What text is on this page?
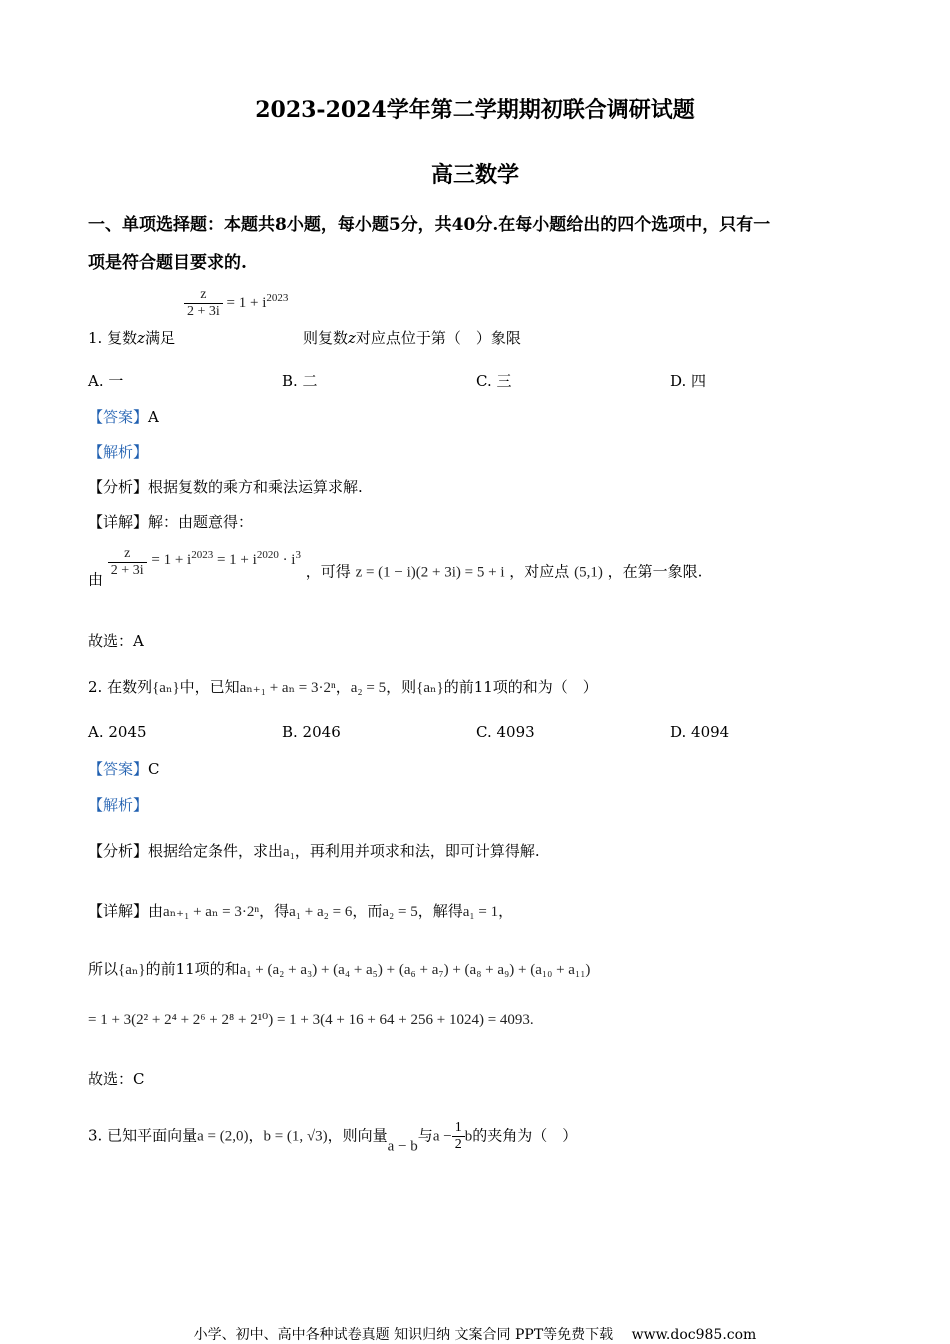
2023-2024学年第二学期期初联合调研试题
高三数学
一、单项选择题：本题共8小题，每小题5分，共40分.在每小题给出的四个选项中，只有一
项是符合题目要求的.
$\frac{z}{2 + 3i} = 1 + i^{2023}$
1. 复数z满足	则复数z对应点位于第（　）象限
A. 一	B. 二	C. 三	D. 四
【答案】A
【解析】
【分析】根据复数的乘方和乘法运算求解.
【详解】解：由题意得：
由
$\frac{z}{2 + 3i} = 1 + i^{2023} = 1 + i^{2020} \cdot i^3$ ，可得 z = (1 − i)(2 + 3i) = 5 + i ，对应点 (5,1) ，在第一象限.
故选：A
2. 在数列{aₙ}中，已知aₙ₊₁ + aₙ = 3·2ⁿ，a₂ = 5，则{aₙ}的前11项的和为（　）
A. 2045	B. 2046	C. 4093	D. 4094
【答案】C
【解析】
【分析】根据给定条件，求出a₁，再利用并项求和法，即可计算得解.
【详解】由aₙ₊₁ + aₙ = 3·2ⁿ，得a₁ + a₂ = 6，而a₂ = 5，解得a₁ = 1，
所以{aₙ}的前11项的和a₁ + (a₂ + a₃) + (a₄ + a₅) + (a₆ + a₇) + (a₈ + a₉) + (a₁₀ + a₁₁)
= 1 + 3(2² + 2⁴ + 2⁶ + 2⁸ + 2¹⁰) = 1 + 3(4 + 16 + 64 + 256 + 1024) = 4093.
故选：C
3. 已知平面向量a = (2,0)，b = (1, √3)，则向量a − b与$a - \frac{1}{2}$ b的夹角为（　）
小学、初中、高中各种试卷真题 知识归纳 文案合同 PPT等免费下载　 www.doc985.com
